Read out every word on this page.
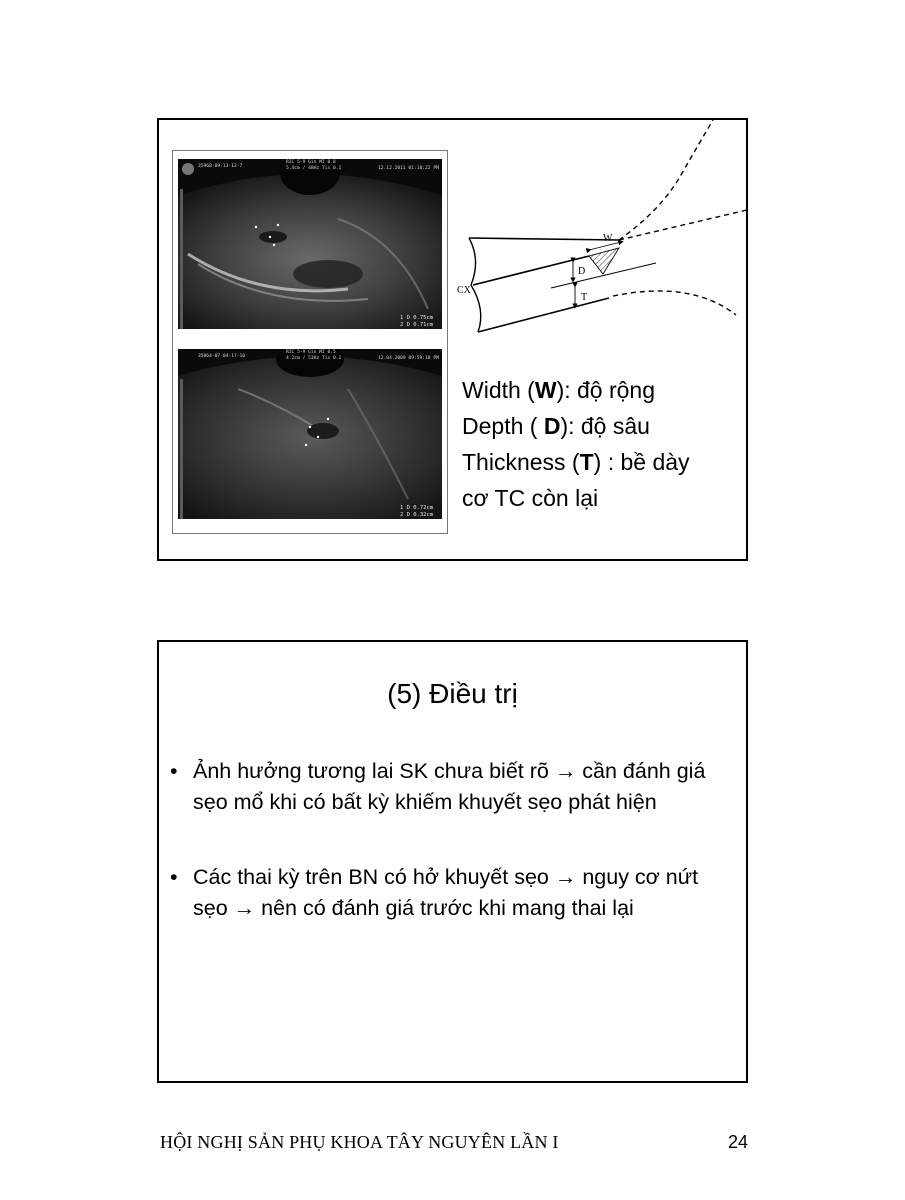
35968-09-13-12-7
RIC 5-9 Gin MI 0.8
5.4cm / 48Hz Tis 0.1	12.12.2011 01:18:22 PM
1 D 0.75cm
2 D 0.71cm
35064-07-04-17-10
RIC 5-9 Gin MI 0.5
4.2cm / 53Hz Tis 0.1	12.04.2009 09:59:18 PM
1 D 0.72cm
2 D 0.32cm
W
D
T
CX
Width (W): độ rộng
Depth ( D): độ sâu
Thickness (T) : bề dày
cơ TC còn lại
(5) Điều trị
• Ảnh hưởng tương lai SK chưa biết rõ → cần đánh giá sẹo mổ khi có bất kỳ khiếm khuyết sẹo phát hiện
• Các thai kỳ trên BN có hở khuyết sẹo → nguy cơ nứt sẹo → nên có đánh giá trước khi mang thai lại
HỘI NGHỊ SẢN PHỤ KHOA TÂY NGUYÊN LẦN I	24
